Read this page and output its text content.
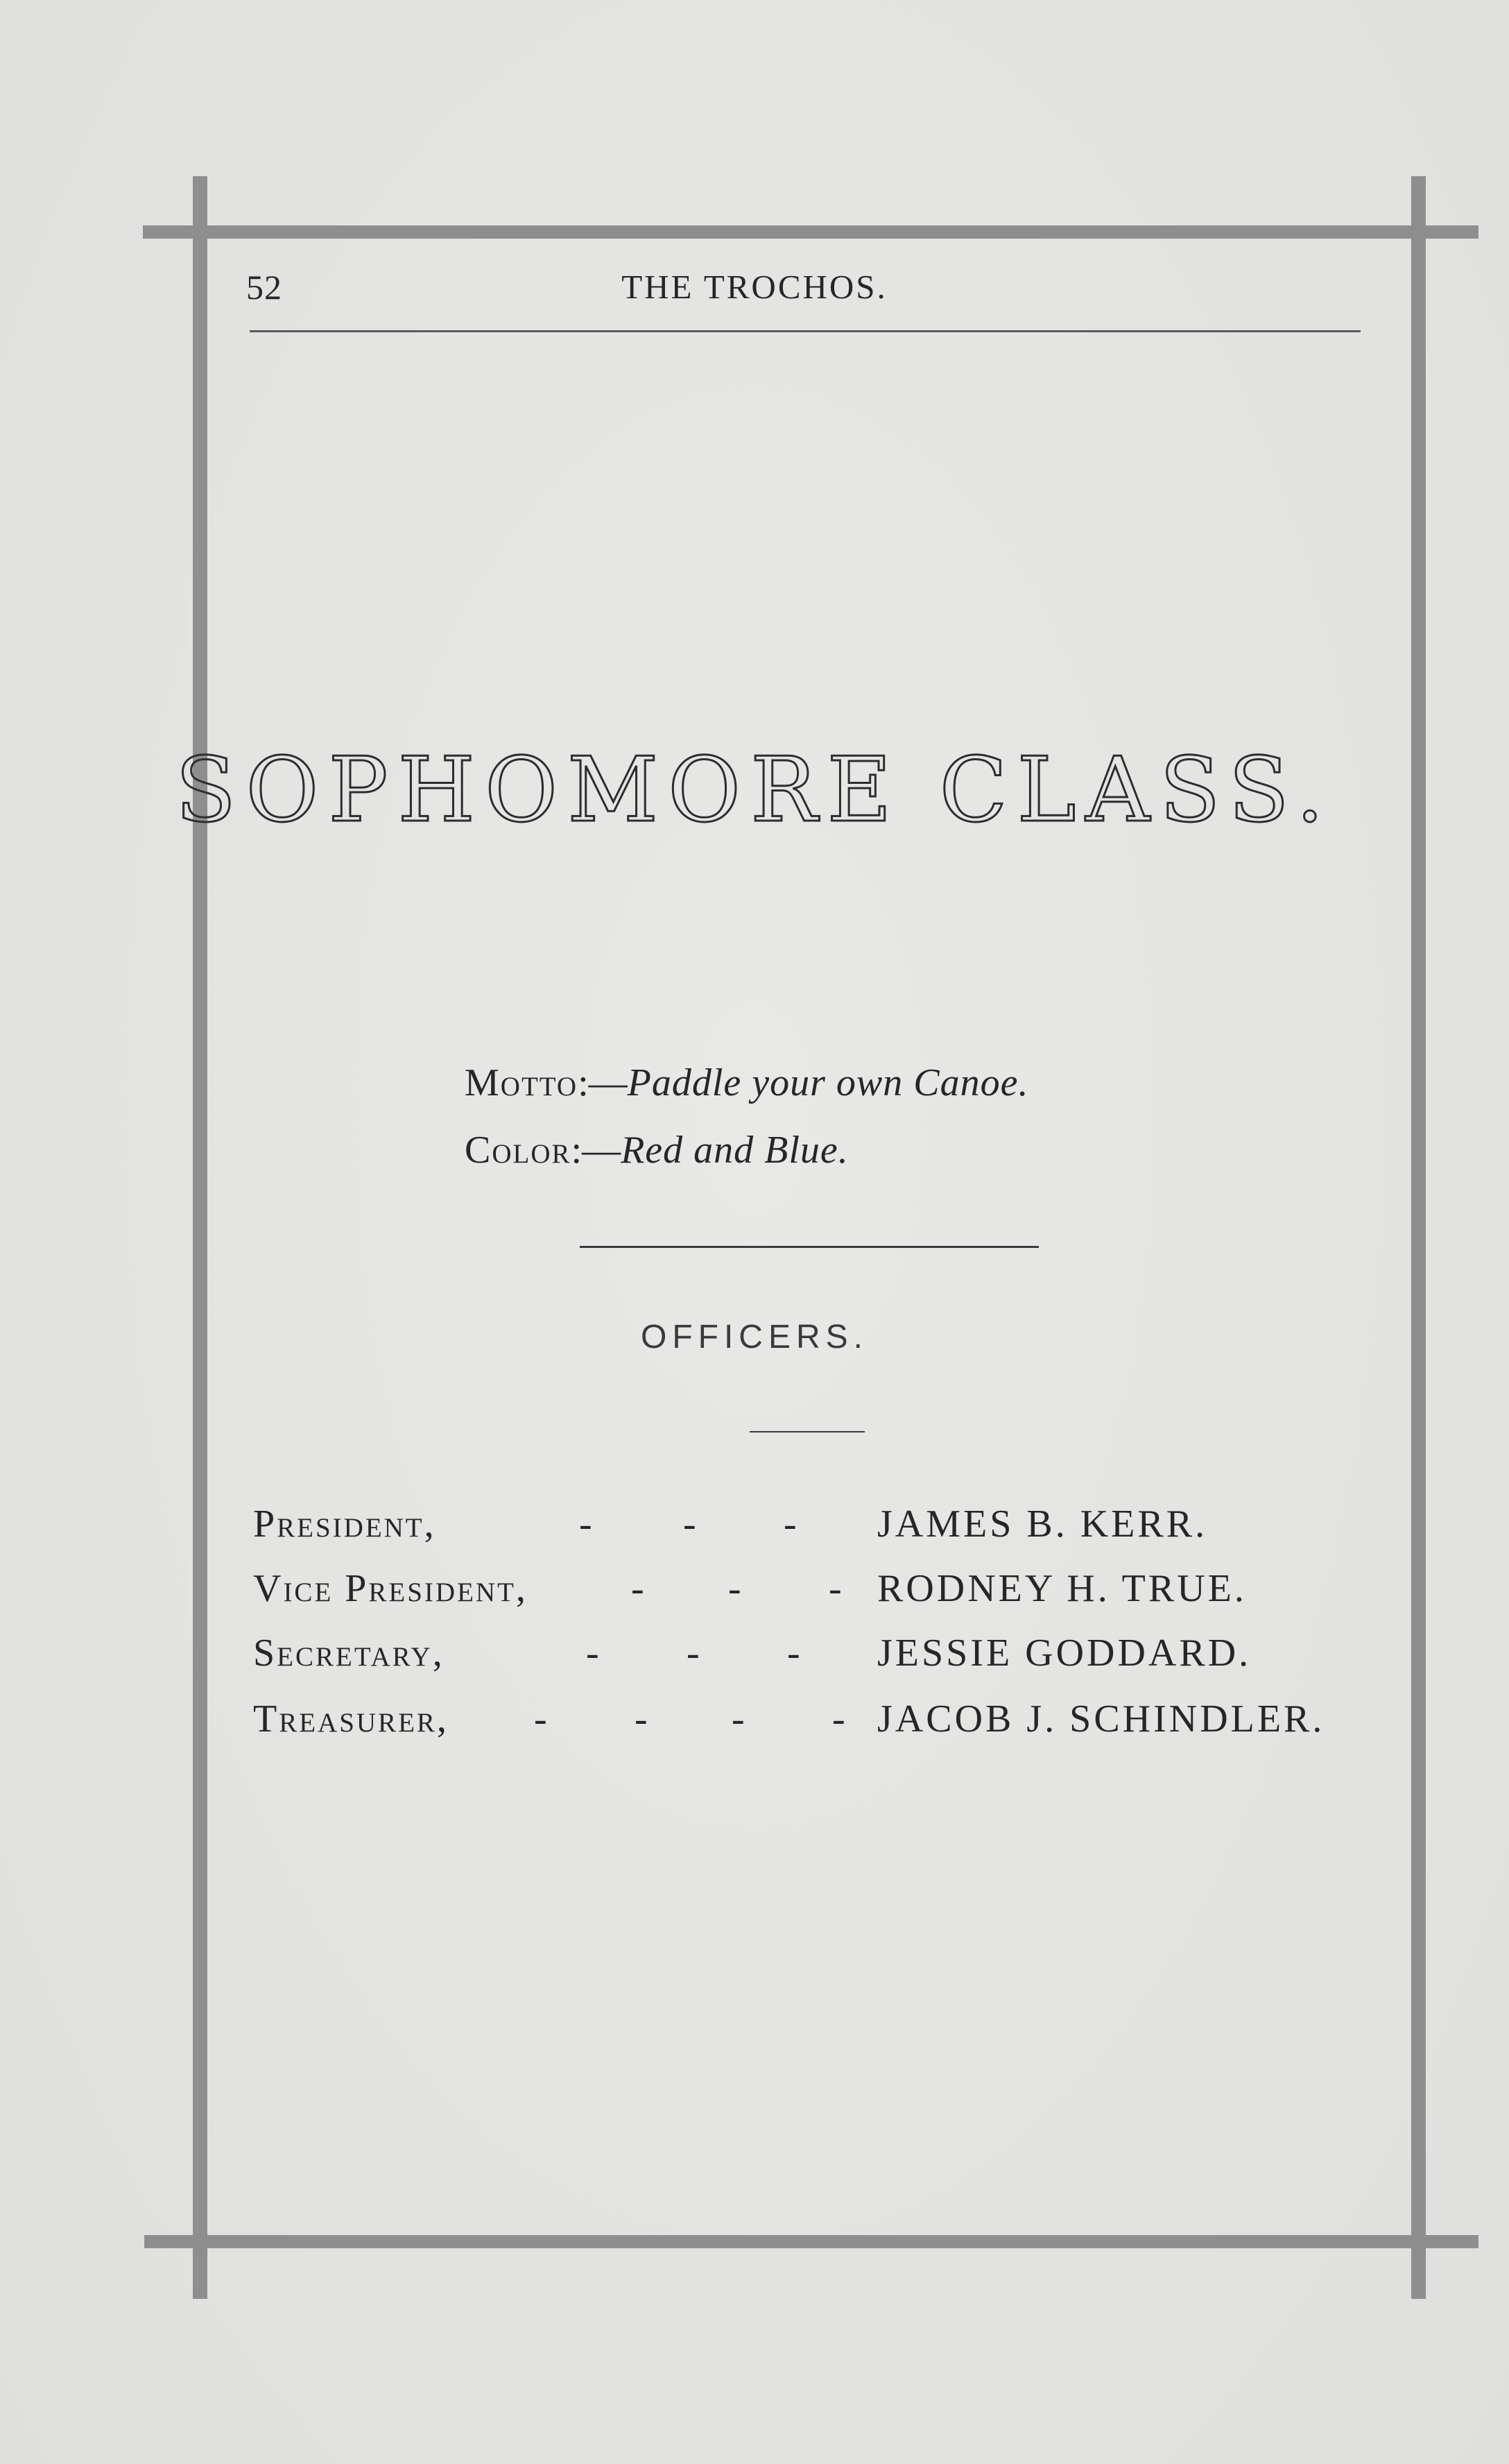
52	THE TROCHOS.
SOPHOMORE CLASS.
Motto:—Paddle your own Canoe.
Color:—Red and Blue.
OFFICERS.
President,	- - - JAMES B. KERR.
Vice President,	- - - RODNEY H. TRUE.
Secretary,	- - - JESSIE GODDARD.
Treasurer, - - - - JACOB J. SCHINDLER.
